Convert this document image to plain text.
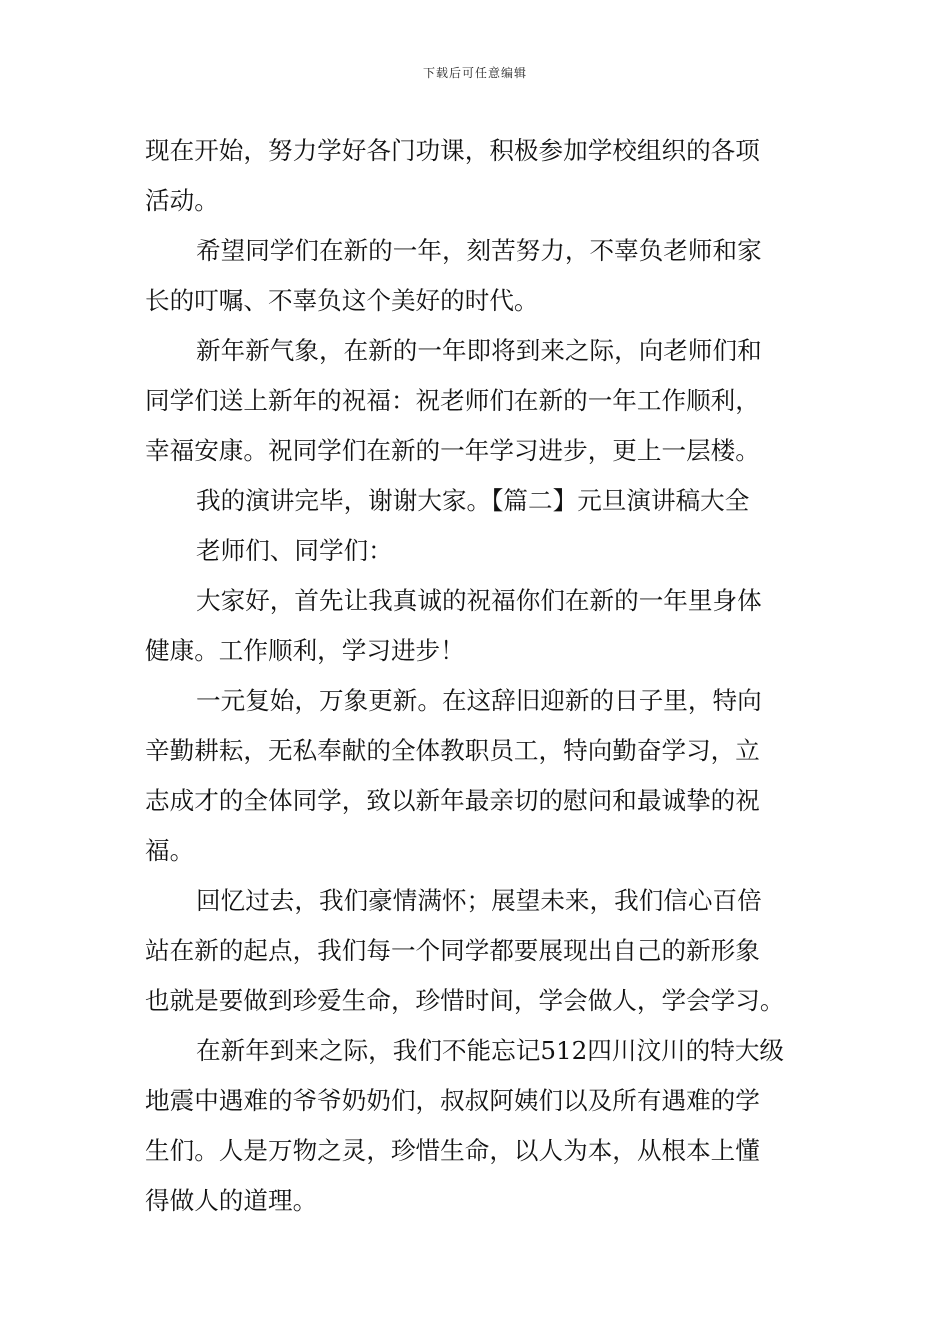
下载后可任意编辑
现在开始，努力学好各门功课，积极参加学校组织的各项
活动。
希望同学们在新的一年，刻苦努力，不辜负老师和家
长的叮嘱、不辜负这个美好的时代。
新年新气象，在新的一年即将到来之际，向老师们和
同学们送上新年的祝福：祝老师们在新的一年工作顺利，
幸福安康。祝同学们在新的一年学习进步，更上一层楼。
我的演讲完毕，谢谢大家。【篇二】元旦演讲稿大全
老师们、同学们：
大家好，首先让我真诚的祝福你们在新的一年里身体
健康。工作顺利，学习进步！
一元复始，万象更新。在这辞旧迎新的日子里，特向
辛勤耕耘，无私奉献的全体教职员工，特向勤奋学习，立
志成才的全体同学，致以新年最亲切的慰问和最诚挚的祝
福。
回忆过去，我们豪情满怀；展望未来，我们信心百倍
站在新的起点，我们每一个同学都要展现出自己的新形象
也就是要做到珍爱生命，珍惜时间，学会做人，学会学习。
在新年到来之际，我们不能忘记512四川汶川的特大级
地震中遇难的爷爷奶奶们，叔叔阿姨们以及所有遇难的学
生们。人是万物之灵，珍惜生命，以人为本，从根本上懂
得做人的道理。
